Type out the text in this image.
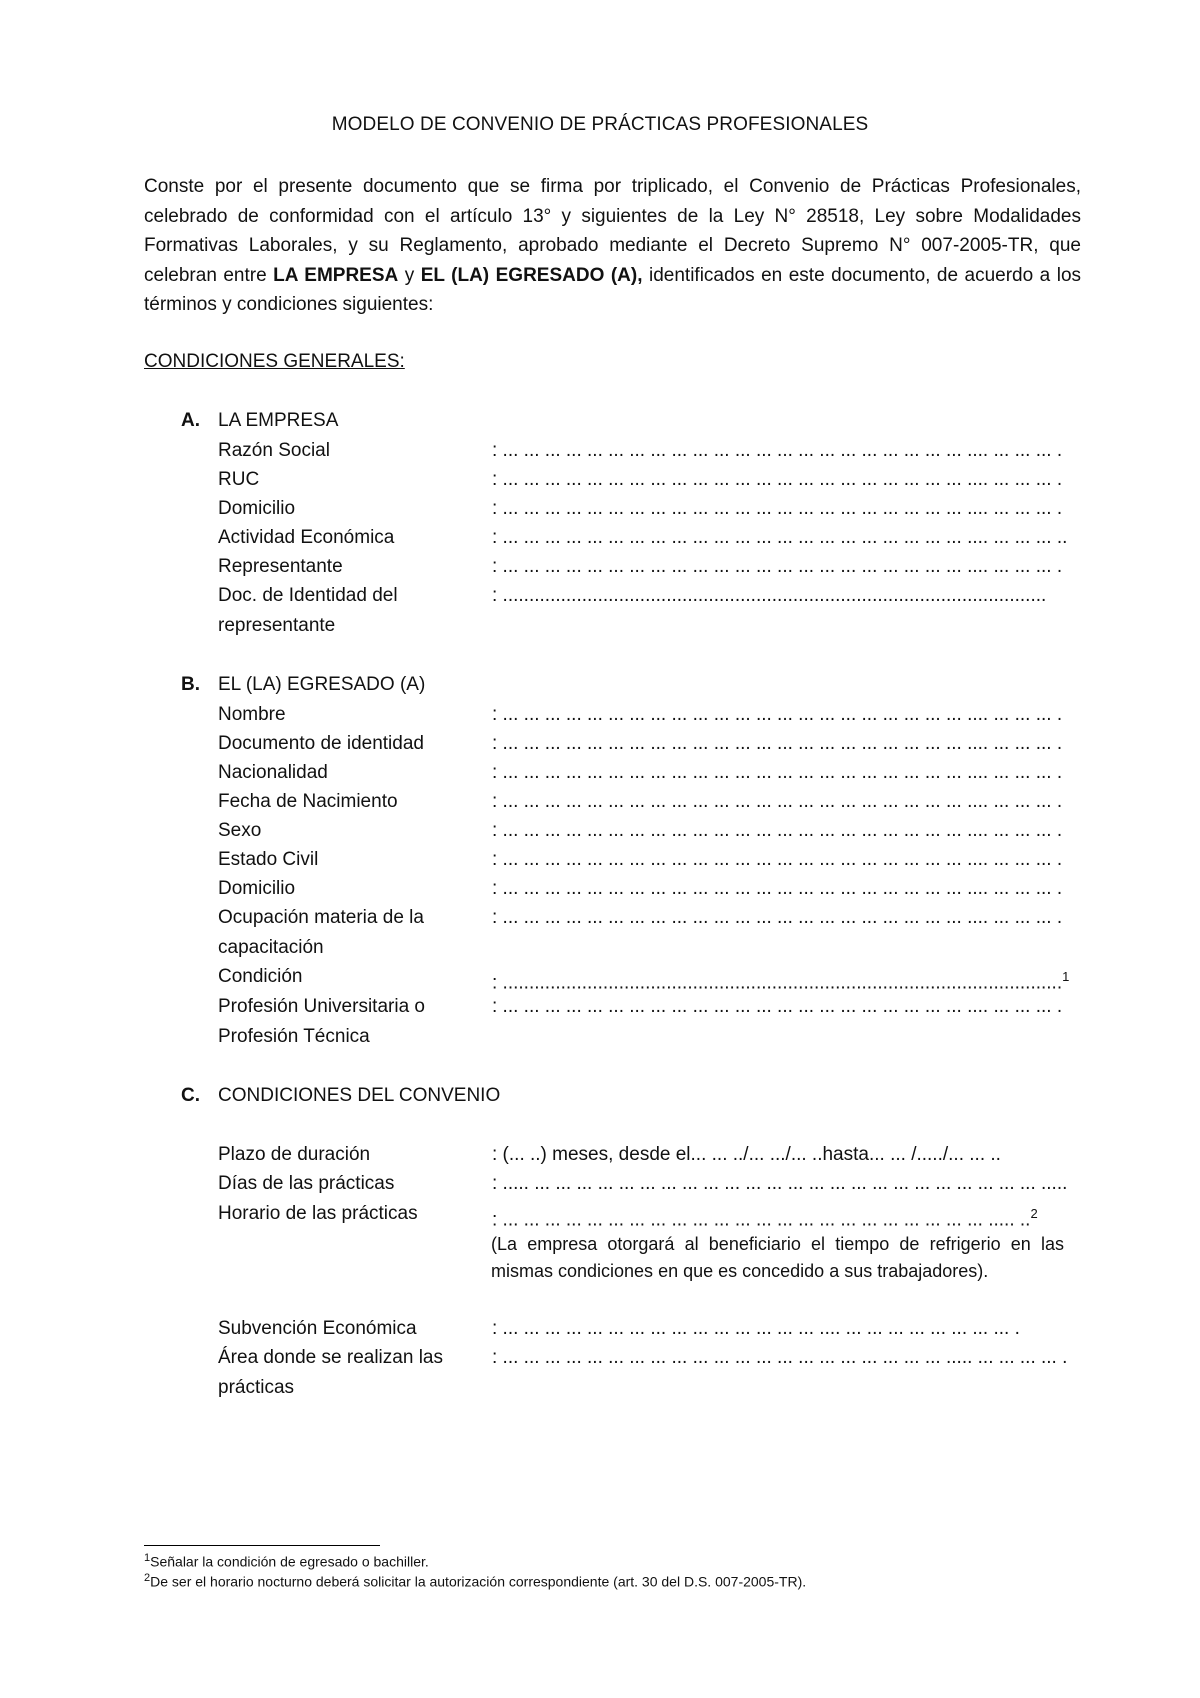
MODELO DE CONVENIO DE PRÁCTICAS PROFESIONALES
Conste por el presente documento que se firma por triplicado, el Convenio de Prácticas Profesionales, celebrado de conformidad con el artículo 13° y siguientes de la Ley N° 28518, Ley sobre Modalidades Formativas Laborales, y su Reglamento, aprobado mediante el Decreto Supremo N° 007-2005-TR, que celebran entre LA EMPRESA y EL (LA) EGRESADO (A), identificados en este documento, de acuerdo a los términos y condiciones siguientes:
CONDICIONES GENERALES:
A. LA EMPRESA
Razón Social	: ... ... ... ... ... ... ... ... ... ... ... ... ... ... ... ... ... ... ... ... ... ... .... ... ... ... .
RUC	: ... ... ... ... ... ... ... ... ... ... ... ... ... ... ... ... ... ... ... ... ... ... .... ... ... ... .
Domicilio	: ... ... ... ... ... ... ... ... ... ... ... ... ... ... ... ... ... ... ... ... ... ... .... ... ... ... .
Actividad Económica	: ... ... ... ... ... ... ... ... ... ... ... ... ... ... ... ... ... ... ... ... ... ... .... ... ... ... ..
Representante	: ... ... ... ... ... ... ... ... ... ... ... ... ... ... ... ... ... ... ... ... ... ... .... ... ... ... .
Doc. de Identidad del representante
: .......................................................................................................
B. EL (LA) EGRESADO (A)
Nombre	: ... ... ... ... ... ... ... ... ... ... ... ... ... ... ... ... ... ... ... ... ... ... .... ... ... ... .
Documento de identidad	: ... ... ... ... ... ... ... ... ... ... ... ... ... ... ... ... ... ... ... ... ... ... .... ... ... ... .
Nacionalidad	: ... ... ... ... ... ... ... ... ... ... ... ... ... ... ... ... ... ... ... ... ... ... .... ... ... ... .
Fecha de Nacimiento	: ... ... ... ... ... ... ... ... ... ... ... ... ... ... ... ... ... ... ... ... ... ... .... ... ... ... .
Sexo	: ... ... ... ... ... ... ... ... ... ... ... ... ... ... ... ... ... ... ... ... ... ... .... ... ... ... .
Estado Civil	: ... ... ... ... ... ... ... ... ... ... ... ... ... ... ... ... ... ... ... ... ... ... .... ... ... ... .
Domicilio	: ... ... ... ... ... ... ... ... ... ... ... ... ... ... ... ... ... ... ... ... ... ... .... ... ... ... .
Ocupación materia de la capacitación
: ... ... ... ... ... ... ... ... ... ... ... ... ... ... ... ... ... ... ... ... ... ... .... ... ... ... .
Condición	: ..........................................................................................................$^1$
Profesión Universitaria o Profesión Técnica
: ... ... ... ... ... ... ... ... ... ... ... ... ... ... ... ... ... ... ... ... ... ... .... ... ... ... .
C. CONDICIONES DEL CONVENIO
Plazo de duración	: (... ..) meses, desde el... ... ../... .../... ..hasta... ... /...../... ... ..
Días de las prácticas	: ..... ... ... ... ... ... ... ... ... ... ... ... ... ... ... ... ... ... ... ... ... ... ... ... ... .....
Horario de las prácticas	: ... ... ... ... ... ... ... ... ... ... ... ... ... ... ... ... ... ... ... ... ... ... ... ..... ..$^2$
(La empresa otorgará al beneficiario el tiempo de refrigerio en las mismas condiciones en que es concedido a sus trabajadores).
Subvención Económica	: ... ... ... ... ... ... ... ... ... ... ... ... ... ... ... .... ... ... ... ... ... ... ... ... .
Área donde se realizan las prácticas
: ... ... ... ... ... ... ... ... ... ... ... ... ... ... ... ... ... ... ... ... ... ..... ... ... ... ... .
$^1$Señalar la condición de egresado o bachiller.
$^2$De ser el horario nocturno deberá solicitar la autorización correspondiente (art. 30 del D.S. 007-2005-TR).
